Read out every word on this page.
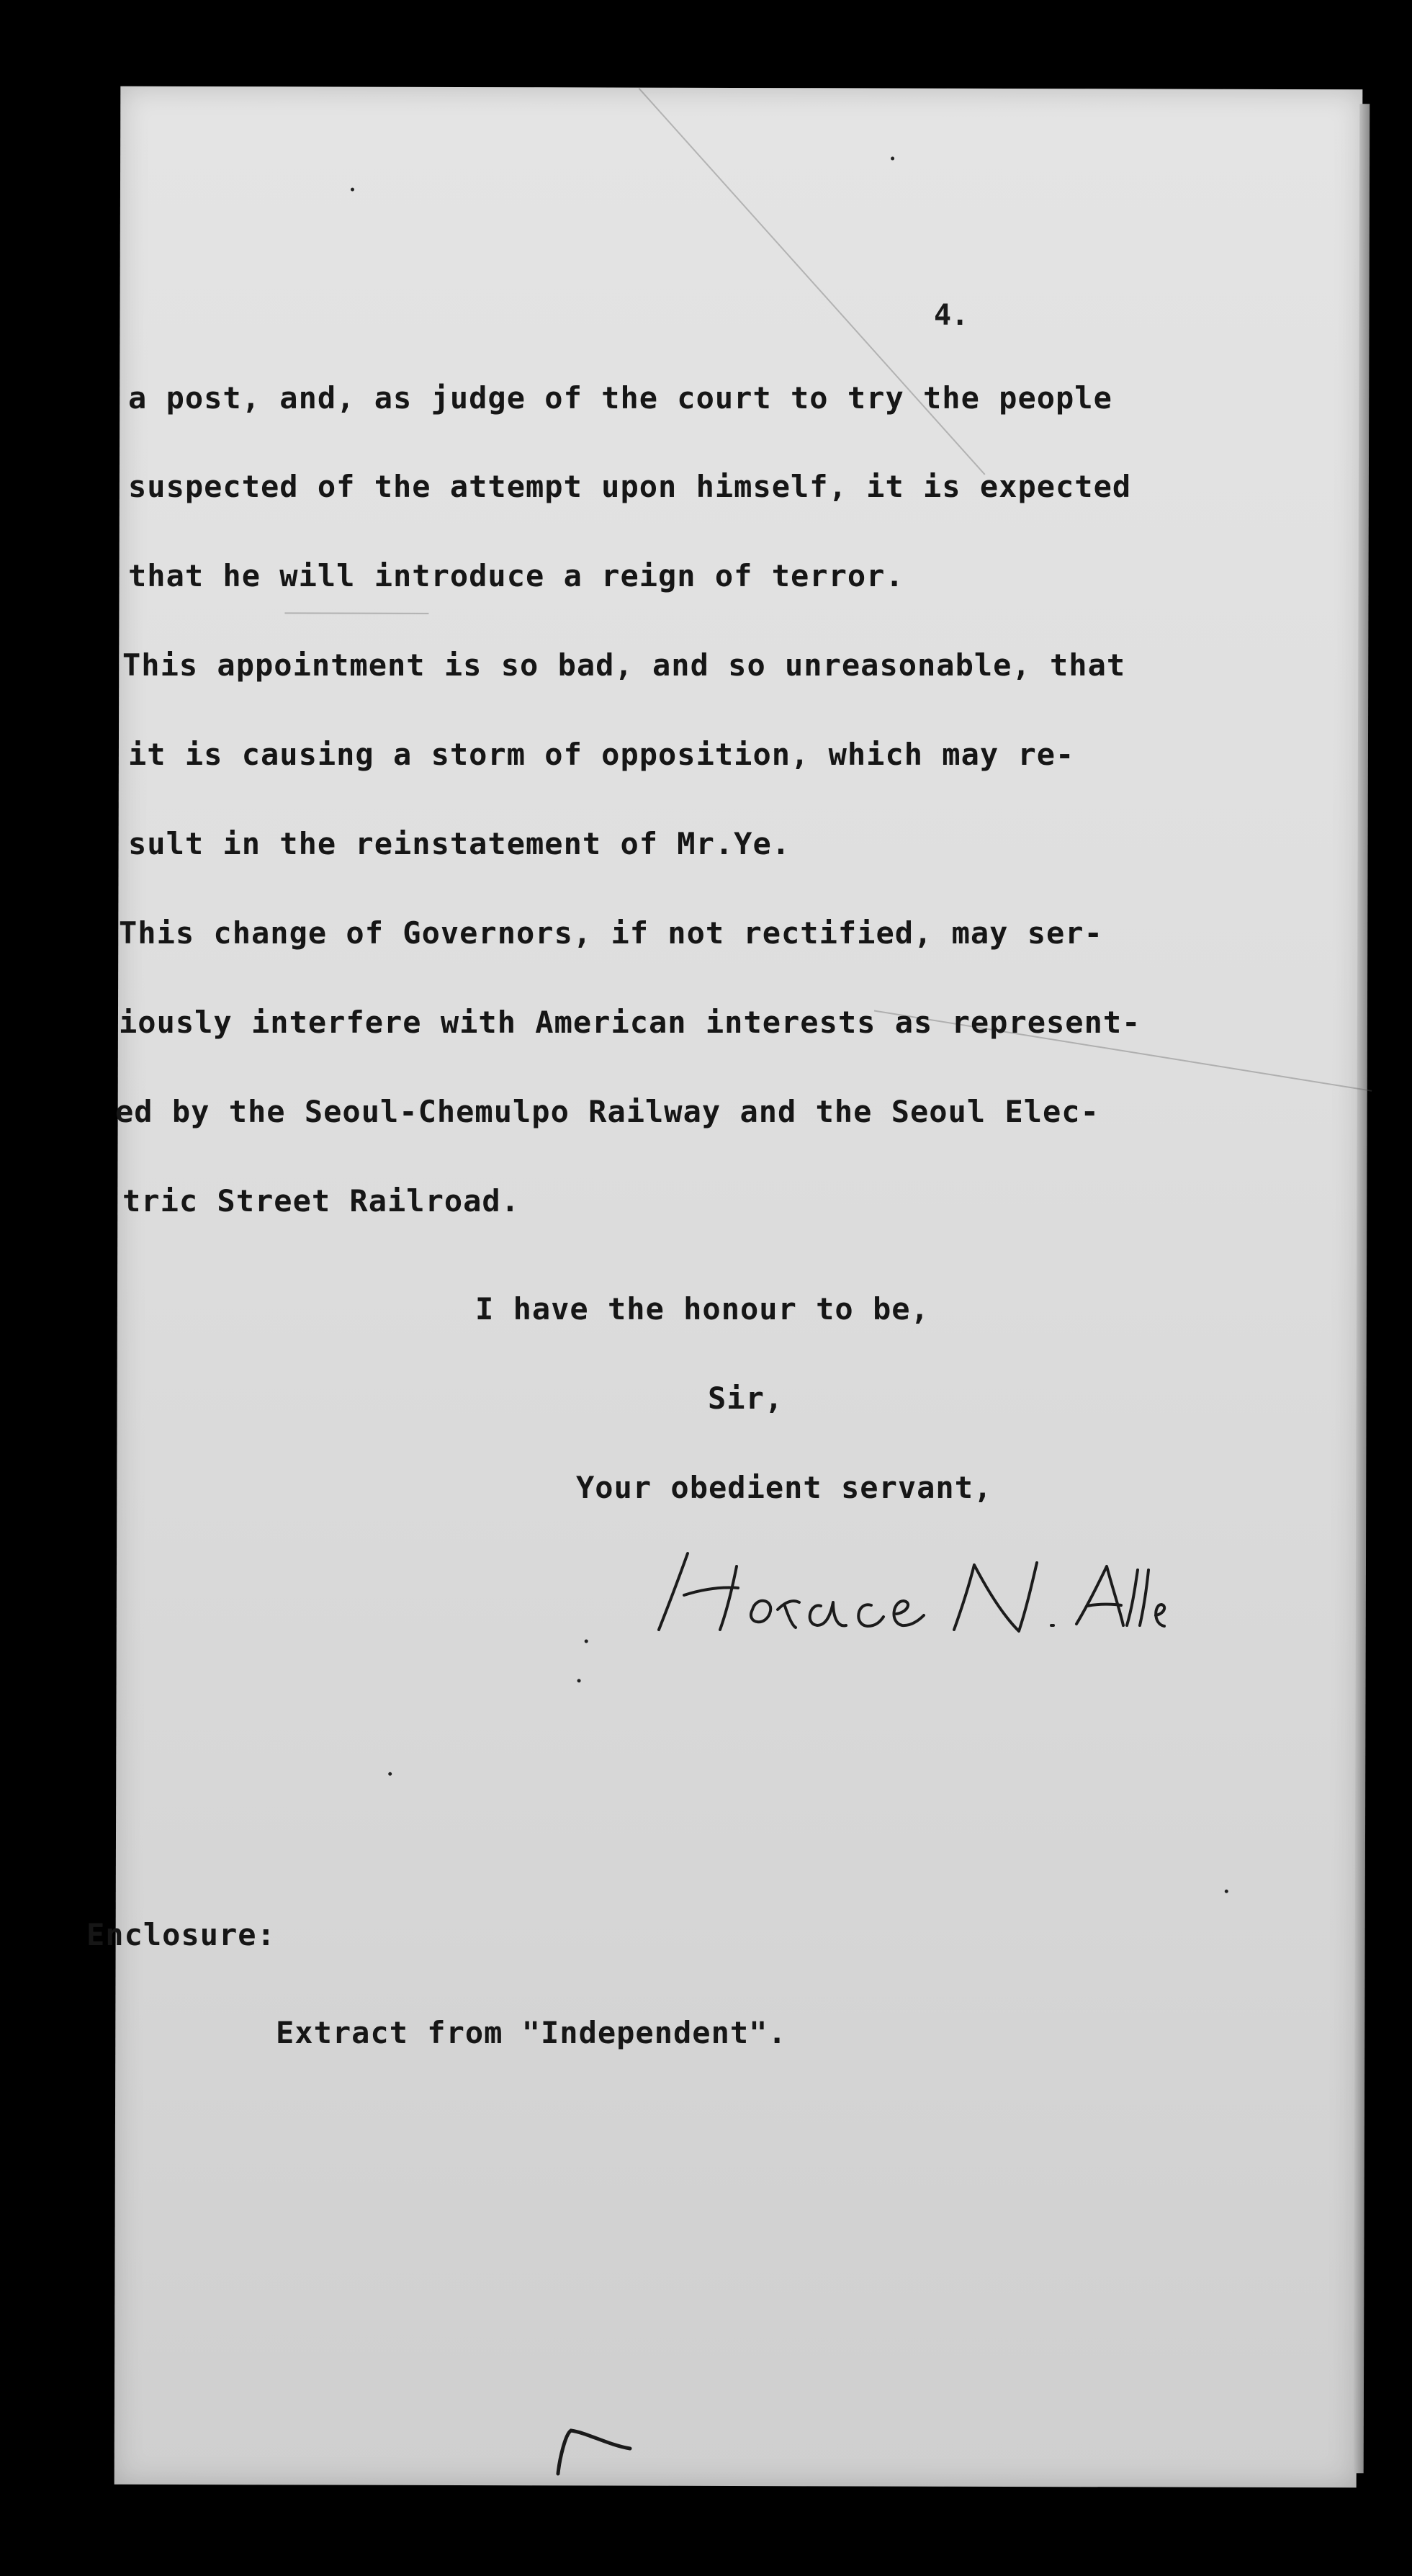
4.
a post, and, as judge of the court to try the people
suspected of the attempt upon himself, it is expected
that he will introduce a reign of terror.
This appointment is so bad, and so unreasonable, that
it is causing a storm of opposition, which may re-
sult in the reinstatement of Mr.Ye.
This change of Governors, if not rectified, may ser-
iously interfere with American interests as represent-
ed by the Seoul-Chemulpo Railway and the Seoul Elec-
tric Street Railroad.
I have the honour to be,
Sir,
Your obedient servant,
Enclosure:
Extract from "Independent".
